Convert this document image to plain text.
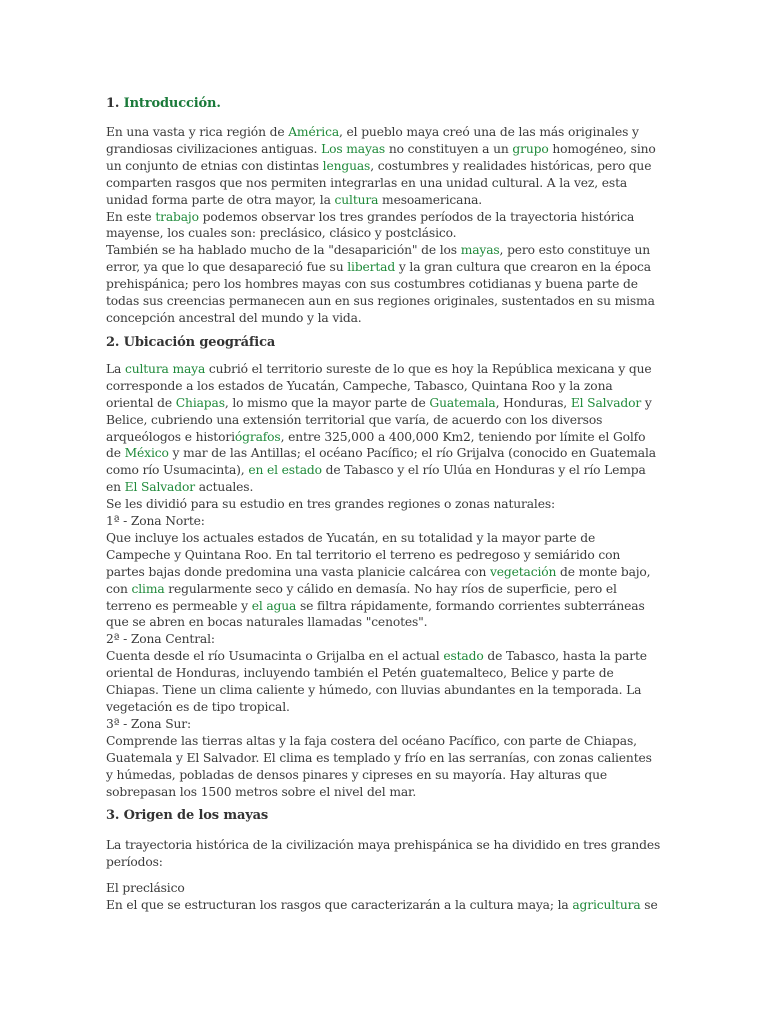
1. Introducción.

En una vasta y rica región de América, el pueblo maya creó una de las más originales y grandiosas civilizaciones antiguas. Los mayas no constituyen a un grupo homogéneo, sino un conjunto de etnias con distintas lenguas, costumbres y realidades históricas, pero que comparten rasgos que nos permiten integrarlas en una unidad cultural. A la vez, esta unidad forma parte de otra mayor, la cultura mesoamericana.

En este trabajo podemos observar los tres grandes períodos de la trayectoria histórica mayense, los cuales son: preclásico, clásico y postclásico.

También se ha hablado mucho de la "desaparición" de los mayas, pero esto constituye un error, ya que lo que desapareció fue su libertad y la gran cultura que crearon en la época prehispánica; pero los hombres mayas con sus costumbres cotidianas y buena parte de todas sus creencias permanecen aun en sus regiones originales, sustentados en su misma concepción ancestral del mundo y la vida.

2. Ubicación geográfica

La cultura maya cubrió el territorio sureste de lo que es hoy la República mexicana y que corresponde a los estados de Yucatán, Campeche, Tabasco, Quintana Roo y la zona oriental de Chiapas, lo mismo que la mayor parte de Guatemala, Honduras, El Salvador y Belice, cubriendo una extensión territorial que varía, de acuerdo con los diversos arqueólogos e historiógrafos, entre 325,000 a 400,000 Km2, teniendo por límite el Golfo de México y mar de las Antillas; el océano Pacífico; el río Grijalva (conocido en Guatemala como río Usumacinta), en el estado de Tabasco y el río Ulúa en Honduras y el río Lempa en El Salvador actuales.

Se les dividió para su estudio en tres grandes regiones o zonas naturales:

1ª - Zona Norte:

Que incluye los actuales estados de Yucatán, en su totalidad y la mayor parte de Campeche y Quintana Roo. En tal territorio el terreno es pedregoso y semiárido con partes bajas donde predomina una vasta planicie calcárea con vegetación de monte bajo, con clima regularmente seco y cálido en demasía. No hay ríos de superficie, pero el terreno es permeable y el agua se filtra rápidamente, formando corrientes subterráneas que se abren en bocas naturales llamadas "cenotes".

2ª - Zona Central:

Cuenta desde el río Usumacinta o Grijalba en el actual estado de Tabasco, hasta la parte oriental de Honduras, incluyendo también el Petén guatemalteco, Belice y parte de Chiapas. Tiene un clima caliente y húmedo, con lluvias abundantes en la temporada. La vegetación es de tipo tropical.

3ª - Zona Sur:

Comprende las tierras altas y la faja costera del océano Pacífico, con parte de Chiapas, Guatemala y El Salvador. El clima es templado y frío en las serranías, con zonas calientes y húmedas, pobladas de densos pinares y cipreses en su mayoría. Hay alturas que sobrepasan los 1500 metros sobre el nivel del mar.

3. Origen de los mayas

La trayectoria histórica de la civilización maya prehispánica se ha dividido en tres grandes períodos:

El preclásico

En el que se estructuran los rasgos que caracterizarán a la cultura maya; la agricultura se
